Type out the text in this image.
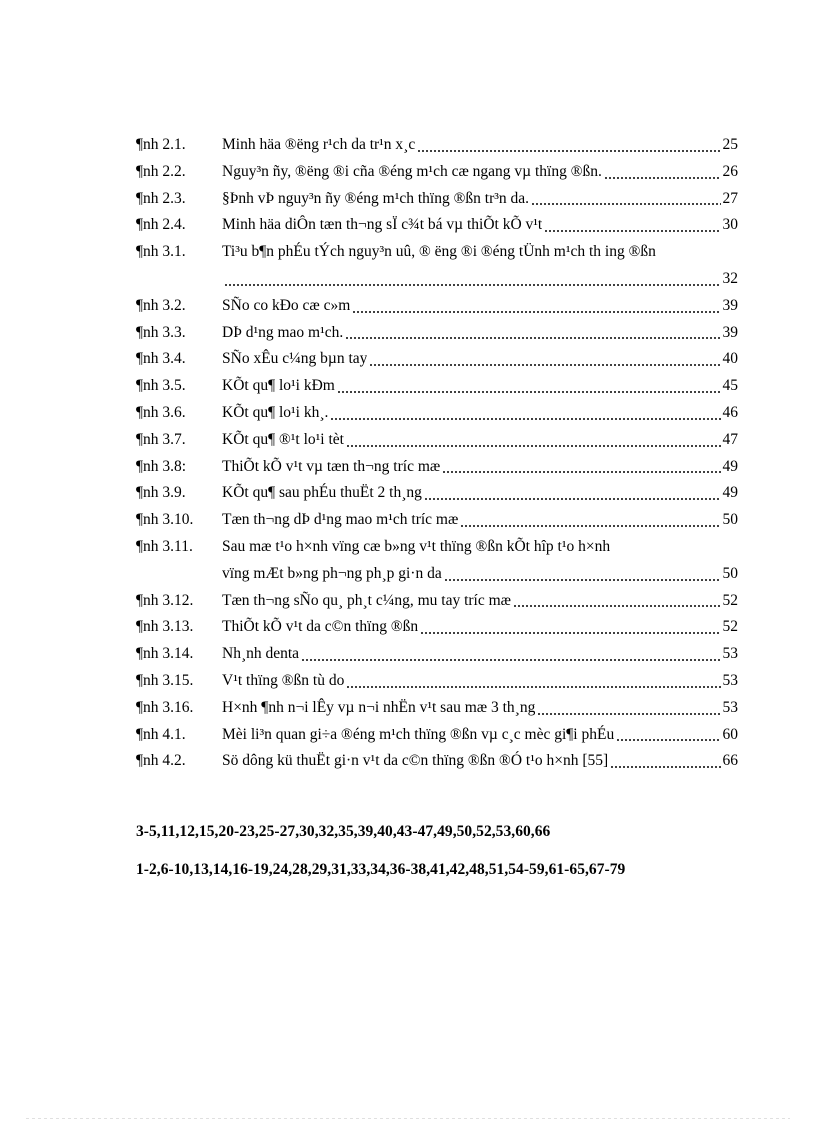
¶nh 2.1.	Minh häa ®ëng r¹ch da tr¹n x¸c	25
¶nh 2.2.	Nguy³n ñy, ®ëng ®i cña ®éng m¹ch cæ ngang vµ thïng ®ßn.	26
¶nh 2.3.	§Þnh vÞ nguy³n ñy ®éng m¹ch thïng ®ßn tr³n da.	27
¶nh 2.4.	Minh häa diÔn tæn th¬ng sÏ c¾t bá vµ thiÕt kÕ v¹t	30
¶nh 3.1.	Ti³u b¶n phÉu tÝch nguy³n uû, ® ëng ®i ®éng tÜnh m¹ch th ing ®ßn
32
¶nh 3.2.	SÑo co kÐo cæ c»m	39
¶nh 3.3.	DÞ d¹ng mao m¹ch.	39
¶nh 3.4.	SÑo xÊu c¼ng bµn tay	40
¶nh 3.5.	KÕt qu¶ lo¹i kÐm	45
¶nh 3.6.	KÕt qu¶ lo¹i kh¸.	46
¶nh 3.7.	KÕt qu¶ ®¹t lo¹i tèt	47
¶nh 3.8:	ThiÕt kÕ v¹t vµ tæn th¬ng tríc mæ	49
¶nh 3.9.	KÕt qu¶ sau phÉu thuËt 2 th¸ng	49
¶nh 3.10.	Tæn th¬ng dÞ d¹ng mao m¹ch tríc mæ	50
¶nh 3.11.	Sau mæ t¹o h×nh vïng cæ b»ng v¹t thïng ®ßn kÕt hîp t¹o h×nh
vïng mÆt b»ng ph¬ng ph¸p gi·n da	50
¶nh 3.12.	Tæn th¬ng sÑo qu¸ ph¸t c¼ng, mu tay tríc mæ	52
¶nh 3.13.	ThiÕt kÕ v¹t da c©n thïng ®ßn	52
¶nh 3.14.	Nh¸nh denta	53
¶nh 3.15.	V¹t thïng ®ßn tù do	53
¶nh 3.16.	H×nh ¶nh n¬i lÊy vµ n¬i nhËn v¹t sau mæ 3 th¸ng	53
¶nh 4.1.	Mèi li³n quan gi÷a ®éng m¹ch thïng ®ßn vµ c¸c mèc gi¶i phÉu	60
¶nh 4.2.	Sö dông kü thuËt gi·n v¹t da c©n thïng ®ßn ®Ó t¹o h×nh [55]	66
3-5,11,12,15,20-23,25-27,30,32,35,39,40,43-47,49,50,52,53,60,66
1-2,6-10,13,14,16-19,24,28,29,31,33,34,36-38,41,42,48,51,54-59,61-65,67-79
